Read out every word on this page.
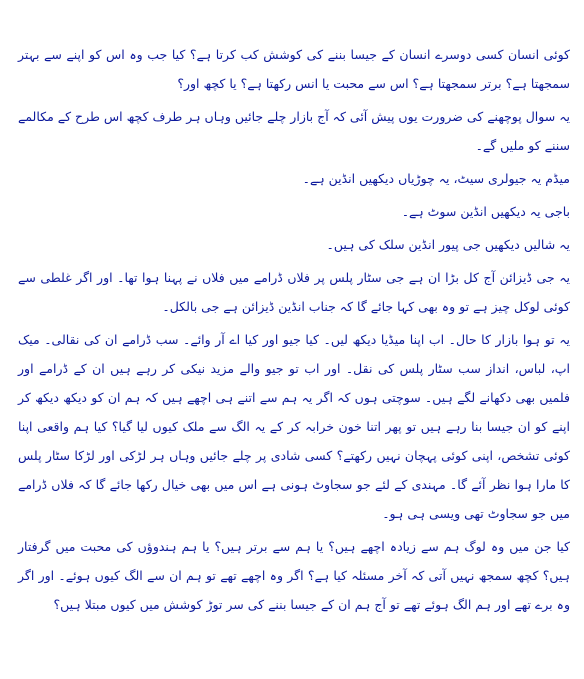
کوئی انسان کسی دوسرے انسان کے جیسا بننے کی کوشش کب کرتا ہے؟ کیا جب وہ اس کو اپنے سے بہتر سمجھتا ہے؟ برتر سمجھتا ہے؟ اس سے محبت یا انس رکھتا ہے؟ یا کچھ اور؟

یہ سوال پوچھنے کی ضرورت یوں پیش آئی کہ آج بازار چلے جائیں وہاں ہر طرف کچھ اس طرح کے مکالمے سننے کو ملیں گے۔

میڈم یہ جیولری سیٹ، یہ چوڑیاں دیکھیں انڈین ہے۔

باجی یہ دیکھیں انڈین سوٹ ہے۔

یہ شالیں دیکھیں جی پیور انڈین سلک کی ہیں۔

یہ جی ڈیزائن آج کل بڑا ان ہے جی سٹار پلس پر فلاں ڈرامے میں فلاں نے پہنا ہوا تھا۔ اور اگر غلطی سے کوئی لوکل چیز ہے تو وہ بھی کہا جائے گا کہ جناب انڈین ڈیزائن ہے جی بالکل۔

یہ تو ہوا بازار کا حال۔ اب اپنا میڈیا دیکھ لیں۔ کیا جیو اور کیا اے آر وائے۔ سب ڈرامے ان کی نقالی۔ میک اپ، لباس، انداز سب سٹار پلس کی نقل۔ اور اب تو جیو والے مزید نیکی کر رہے ہیں ان کے ڈرامے اور فلمیں بھی دکھانے لگے ہیں۔ سوچتی ہوں کہ اگر یہ ہم سے اتنے ہی اچھے ہیں کہ ہم ان کو دیکھ دیکھ کر اپنے کو ان جیسا بنا رہے ہیں تو پھر اتنا خون خرابہ کر کے یہ الگ سے ملک کیوں لیا گیا؟ کیا ہم واقعی اپنا کوئی تشخص، اپنی کوئی پہچان نہیں رکھتے؟ کسی شادی پر چلے جائیں وہاں ہر لڑکی اور لڑکا سٹار پلس کا مارا ہوا نظر آئے گا۔ مہندی کے لئے جو سجاوٹ ہونی ہے اس میں بھی خیال رکھا جائے گا کہ فلاں ڈرامے میں جو سجاوٹ تھی ویسی ہی ہو۔

کیا جن میں وہ لوگ ہم سے زیادہ اچھے ہیں؟ یا ہم سے برتر ہیں؟ یا ہم ہندوؤں کی محبت میں گرفتار ہیں؟ کچھ سمجھ نہیں آتی کہ آخر مسئلہ کیا ہے؟ اگر وہ اچھے تھے تو ہم ان سے الگ کیوں ہوئے۔ اور اگر وہ برے تھے اور ہم الگ ہوئے تھے تو آج ہم ان کے جیسا بننے کی سر توڑ کوشش میں کیوں مبتلا ہیں؟
